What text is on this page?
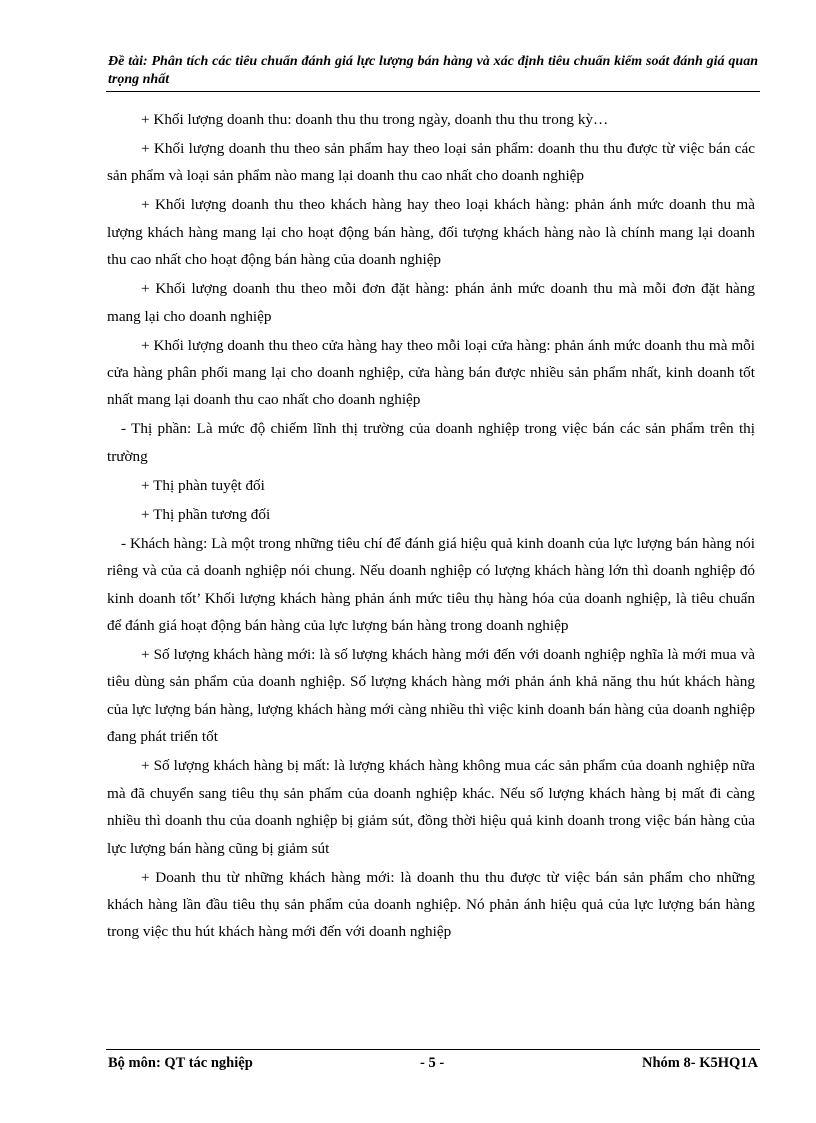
Đề tài: Phân tích các tiêu chuẩn đánh giá lực lượng bán hàng và xác định tiêu chuẩn kiểm soát đánh giá quan trọng nhất

+ Khối lượng doanh thu: doanh thu thu trong ngày, doanh thu thu trong kỳ…

+ Khối lượng doanh thu theo sản phẩm hay theo loại sản phẩm: doanh thu thu được từ việc bán các sản phẩm và loại sản phẩm nào mang lại doanh thu cao nhất cho doanh nghiệp

+ Khối lượng doanh thu theo khách hàng hay theo loại khách hàng: phản ánh mức doanh thu mà lượng khách hàng mang lại cho hoạt động bán hàng, đối tượng khách hàng nào là chính mang lại doanh thu cao nhất cho hoạt động bán hàng của doanh nghiệp

+ Khối lượng doanh thu theo mỗi đơn đặt hàng: phán ảnh mức doanh thu mà mỗi đơn đặt hàng mang lại cho doanh nghiệp

+ Khối lượng doanh thu theo cửa hàng hay theo mỗi loại cửa hàng: phản ánh mức doanh thu mà mỗi cửa hàng phân phối mang lại cho doanh nghiệp, cửa hàng bán được nhiều sản phẩm nhất, kinh doanh tốt nhất mang lại doanh thu cao nhất cho doanh nghiệp

- Thị phần: Là mức độ chiếm lĩnh thị trường của doanh nghiệp trong việc bán các sản phẩm trên thị trường

+ Thị phàn tuyệt đối

+ Thị phần tương đối

- Khách hàng: Là một trong những tiêu chí để đánh giá hiệu quả kinh doanh của lực lượng bán hàng nói riêng và của cả doanh nghiệp nói chung. Nếu doanh nghiệp có lượng khách hàng lớn thì doanh nghiệp đó kinh doanh tốt’ Khối lượng khách hàng phản ánh mức tiêu thụ hàng hóa của doanh nghiệp, là tiêu chuẩn để đánh giá hoạt động bán hàng của lực lượng bán hàng trong doanh nghiệp

+ Số lượng khách hàng mới: là số lượng khách hàng mới đến với doanh nghiệp nghĩa là mới mua và tiêu dùng sản phẩm của doanh nghiệp. Số lượng khách hàng mới phản ánh khả năng thu hút khách hàng của lực lượng bán hàng, lượng khách hàng mới càng nhiều thì việc kinh doanh bán hàng của doanh nghiệp đang phát triển tốt

+ Số lượng khách hàng bị mất: là lượng khách hàng không mua các sản phẩm của doanh nghiệp nữa mà đã chuyển sang tiêu thụ sản phẩm của doanh nghiệp khác. Nếu số lượng khách hàng bị mất đi càng nhiều thì doanh thu của doanh nghiệp bị giảm sút, đồng thời hiệu quả kinh doanh trong việc bán hàng của lực lượng bán hàng cũng bị giảm sút

+ Doanh thu từ những khách hàng mới: là doanh thu thu được từ việc bán sản phẩm cho những khách hàng lần đầu tiêu thụ sản phẩm của doanh nghiệp. Nó phản ánh hiệu quả của lực lượng bán hàng trong việc thu hút khách hàng mới đến với doanh nghiệp

Bộ môn: QT tác nghiệp	- 5 -	Nhóm 8- K5HQ1A
